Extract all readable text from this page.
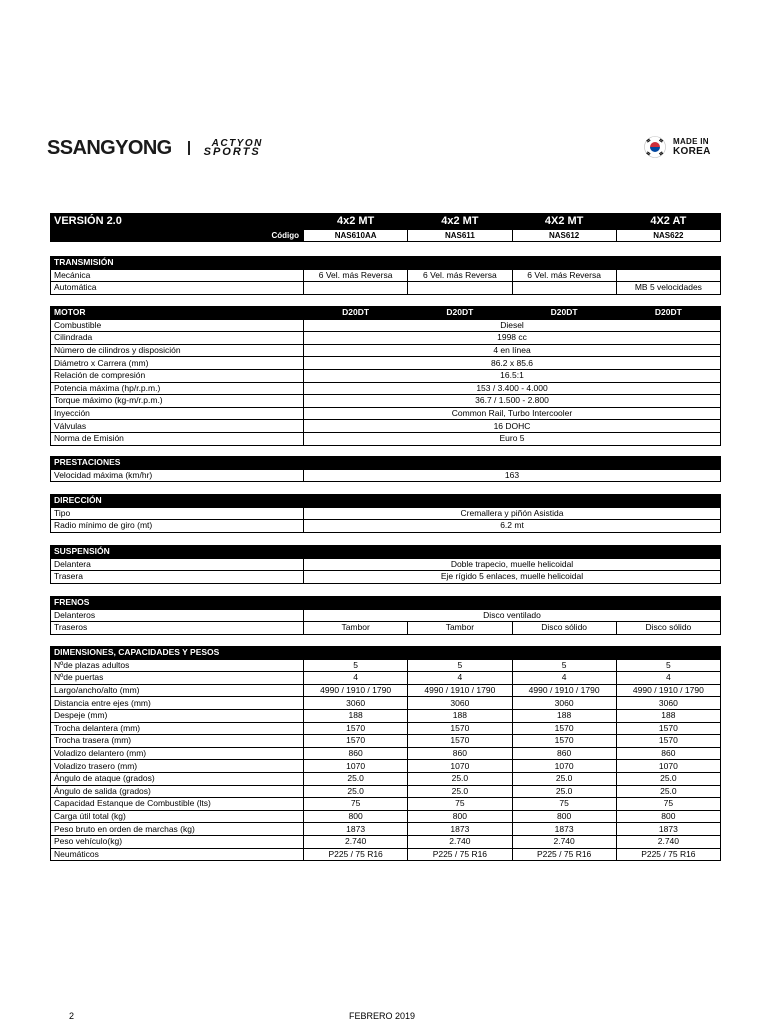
SSANGYONG	ACTYON
SPORTS
MADE IN
KOREA
VERSIÓN 2.0	4x2 MT	4x2 MT	4X2 MT	4X2 AT
Código	NAS610AA	NAS611	NAS612	NAS622
TRANSMISIÓN				
Mecánica	6 Vel. más Reversa	6 Vel. más Reversa	6 Vel. más Reversa	
Automática				MB 5 velocidades
MOTOR	D20DT	D20DT	D20DT	D20DT
Combustible	Diesel			
Cilindrada	1998 cc			
Número de cilindros y disposición	4 en línea			
Diámetro x Carrera (mm)	86.2 x 85.6			
Relación de compresión	16.5:1			
Potencia máxima (hp/r.p.m.)	153 / 3.400 - 4.000			
Torque máximo (kg-m/r.p.m.)	36.7 / 1.500 - 2.800			
Inyección	Common Rail, Turbo Intercooler			
Válvulas	16 DOHC			
Norma de Emisión	Euro 5			
PRESTACIONES	
Velocidad máxima (km/hr)	163
DIRECCIÓN	
Tipo	Cremallera y piñón Asistida
Radio mínimo de giro (mt)	6.2 mt
SUSPENSIÓN	
Delantera	Doble trapecio, muelle helicoidal
Trasera	Eje rígido 5 enlaces, muelle helicoidal
FRENOS				
Delanteros	Disco ventilado			
Traseros	Tambor	Tambor	Disco sólido	Disco sólido
DIMENSIONES, CAPACIDADES Y PESOS				
Nºde plazas adultos	5	5	5	5
Nºde puertas	4	4	4	4
Largo/ancho/alto (mm)	4990 / 1910 / 1790	4990 / 1910 / 1790	4990 / 1910 / 1790	4990 / 1910 / 1790
Distancia entre ejes (mm)	3060	3060	3060	3060
Despeje (mm)	188	188	188	188
Trocha delantera (mm)	1570	1570	1570	1570
Trocha trasera (mm)	1570	1570	1570	1570
Voladizo delantero (mm)	860	860	860	860
Voladizo trasero (mm)	1070	1070	1070	1070
Ángulo de ataque (grados)	25.0	25.0	25.0	25.0
Ángulo de salida (grados)	25.0	25.0	25.0	25.0
Capacidad Estanque de Combustible (lts)	75	75	75	75
Carga útil total (kg)	800	800	800	800
Peso bruto en orden de marchas (kg)	1873	1873	1873	1873
Peso vehículo(kg)	2.740	2.740	2.740	2.740
Neumáticos	P225 / 75 R16	P225 / 75 R16	P225 / 75 R16	P225 / 75 R16
2	FEBRERO 2019
